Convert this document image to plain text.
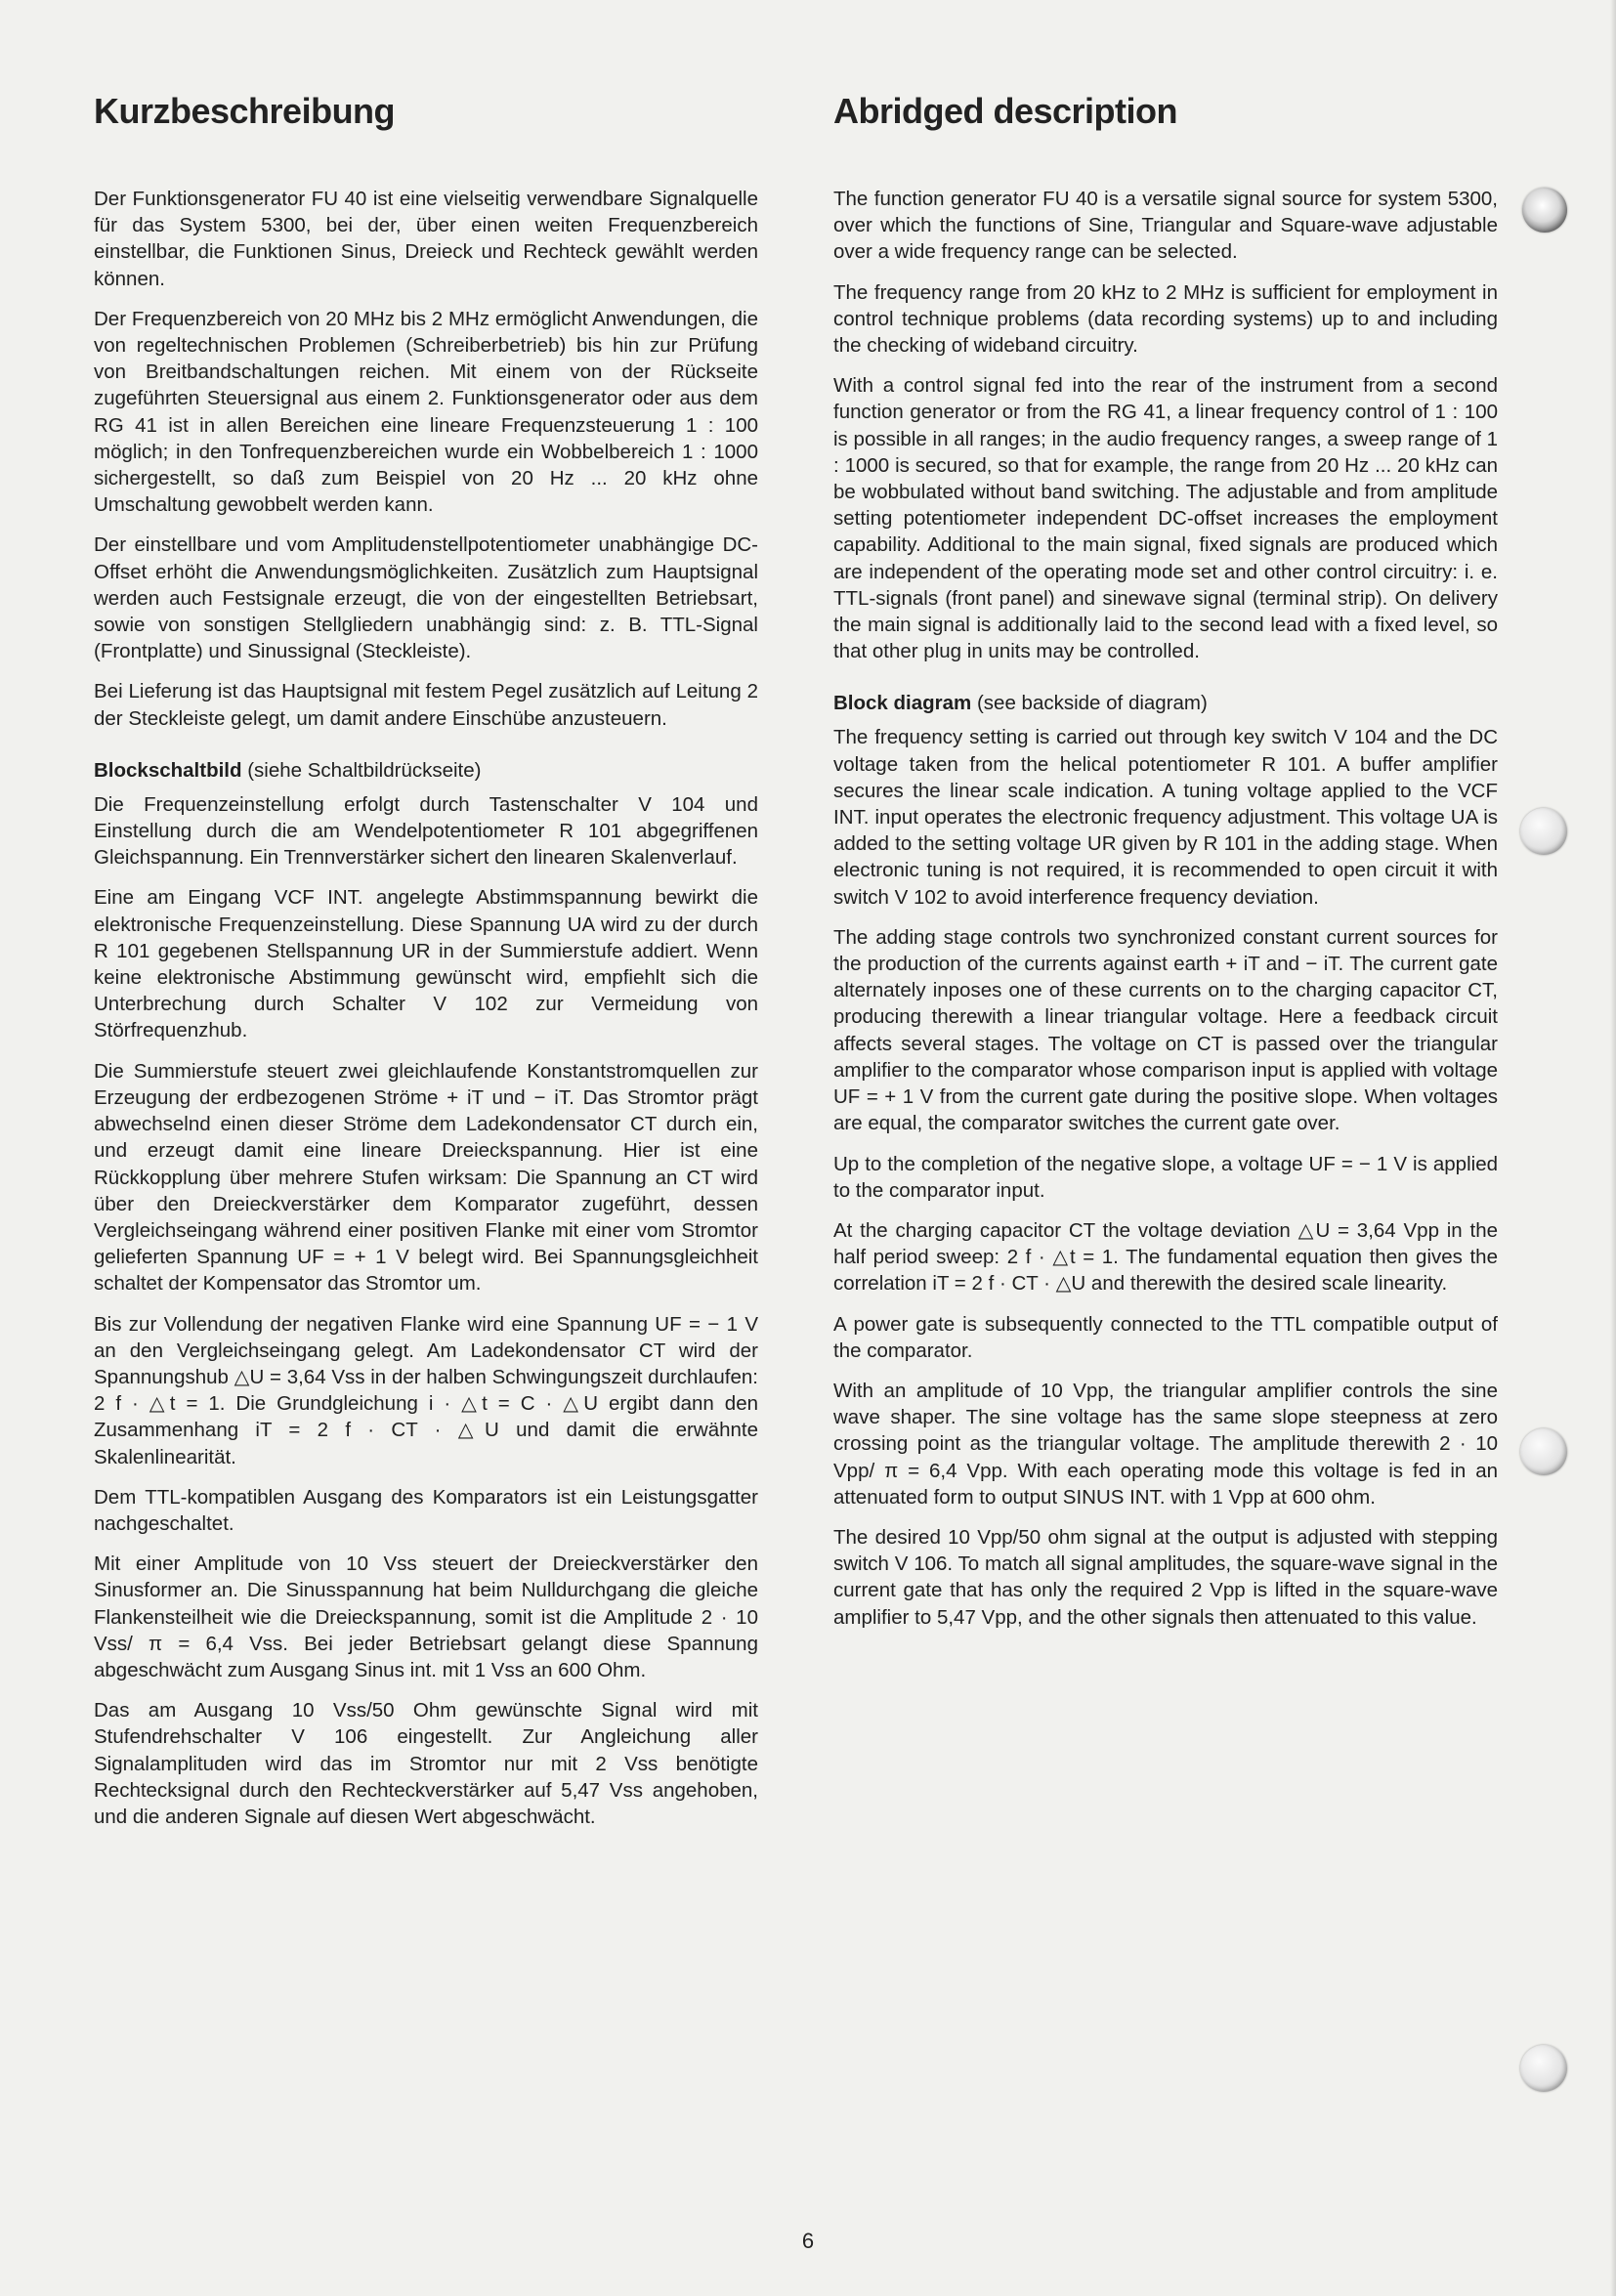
Kurzbeschreibung

Der Funktionsgenerator FU 40 ist eine vielseitig verwendbare Signalquelle für das System 5300, bei der, über einen weiten Frequenzbereich einstellbar, die Funktionen Sinus, Dreieck und Rechteck gewählt werden können.

Der Frequenzbereich von 20 MHz bis 2 MHz ermöglicht Anwendungen, die von regeltechnischen Problemen (Schreiberbetrieb) bis hin zur Prüfung von Breitbandschaltungen reichen. Mit einem von der Rückseite zugeführten Steuersignal aus einem 2. Funktionsgenerator oder aus dem RG 41 ist in allen Bereichen eine lineare Frequenzsteuerung 1 : 100 möglich; in den Tonfrequenzbereichen wurde ein Wobbelbereich 1 : 1000 sichergestellt, so daß zum Beispiel von 20 Hz ... 20 kHz ohne Umschaltung gewobbelt werden kann.

Der einstellbare und vom Amplitudenstellpotentiometer unabhängige DC-Offset erhöht die Anwendungsmöglichkeiten. Zusätzlich zum Hauptsignal werden auch Festsignale erzeugt, die von der eingestellten Betriebsart, sowie von sonstigen Stellgliedern unabhängig sind: z. B. TTL-Signal (Frontplatte) und Sinussignal (Steckleiste).

Bei Lieferung ist das Hauptsignal mit festem Pegel zusätzlich auf Leitung 2 der Steckleiste gelegt, um damit andere Einschübe anzusteuern.

Blockschaltbild (siehe Schaltbildrückseite)

Die Frequenzeinstellung erfolgt durch Tastenschalter V 104 und Einstellung durch die am Wendelpotentiometer R 101 abgegriffenen Gleichspannung. Ein Trennverstärker sichert den linearen Skalenverlauf.

Eine am Eingang VCF INT. angelegte Abstimmspannung bewirkt die elektronische Frequenzeinstellung. Diese Spannung UA wird zu der durch R 101 gegebenen Stellspannung UR in der Summierstufe addiert. Wenn keine elektronische Abstimmung gewünscht wird, empfiehlt sich die Unterbrechung durch Schalter V 102 zur Vermeidung von Störfrequenzhub.

Die Summierstufe steuert zwei gleichlaufende Konstantstromquellen zur Erzeugung der erdbezogenen Ströme + iT und − iT. Das Stromtor prägt abwechselnd einen dieser Ströme dem Ladekondensator CT durch ein, und erzeugt damit eine lineare Dreieckspannung. Hier ist eine Rückkopplung über mehrere Stufen wirksam: Die Spannung an CT wird über den Dreieckverstärker dem Komparator zugeführt, dessen Vergleichseingang während einer positiven Flanke mit einer vom Stromtor gelieferten Spannung UF = + 1 V belegt wird. Bei Spannungsgleichheit schaltet der Kompensator das Stromtor um.

Bis zur Vollendung der negativen Flanke wird eine Spannung UF = − 1 V an den Vergleichseingang gelegt. Am Ladekondensator CT wird der Spannungshub △U = 3,64 Vss in der halben Schwingungszeit durchlaufen: 2 f · △t = 1. Die Grundgleichung i · △t = C · △U ergibt dann den Zusammenhang iT = 2 f · CT · △U und damit die erwähnte Skalenlinearität.

Dem TTL-kompatiblen Ausgang des Komparators ist ein Leistungsgatter nachgeschaltet.

Mit einer Amplitude von 10 Vss steuert der Dreieckverstärker den Sinusformer an. Die Sinusspannung hat beim Nulldurchgang die gleiche Flankensteilheit wie die Dreieckspannung, somit ist die Amplitude 2 · 10 Vss/ π = 6,4 Vss. Bei jeder Betriebsart gelangt diese Spannung abgeschwächt zum Ausgang Sinus int. mit 1 Vss an 600 Ohm.

Das am Ausgang 10 Vss/50 Ohm gewünschte Signal wird mit Stufendrehschalter V 106 eingestellt. Zur Angleichung aller Signalamplituden wird das im Stromtor nur mit 2 Vss benötigte Rechtecksignal durch den Rechteckverstärker auf 5,47 Vss angehoben, und die anderen Signale auf diesen Wert abgeschwächt.

Abridged description

The function generator FU 40 is a versatile signal source for system 5300, over which the functions of Sine, Triangular and Square-wave adjustable over a wide frequency range can be selected.

The frequency range from 20 kHz to 2 MHz is sufficient for employment in control technique problems (data recording systems) up to and including the checking of wideband circuitry.

With a control signal fed into the rear of the instrument from a second function generator or from the RG 41, a linear frequency control of 1 : 100 is possible in all ranges; in the audio frequency ranges, a sweep range of 1 : 1000 is secured, so that for example, the range from 20 Hz ... 20 kHz can be wobbulated without band switching. The adjustable and from amplitude setting potentiometer independent DC-offset increases the employment capability. Additional to the main signal, fixed signals are produced which are independent of the operating mode set and other control circuitry: i. e. TTL-signals (front panel) and sinewave signal (terminal strip). On delivery the main signal is additionally laid to the second lead with a fixed level, so that other plug in units may be controlled.

Block diagram (see backside of diagram)

The frequency setting is carried out through key switch V 104 and the DC voltage taken from the helical potentiometer R 101. A buffer amplifier secures the linear scale indication. A tuning voltage applied to the VCF INT. input operates the electronic frequency adjustment. This voltage UA is added to the setting voltage UR given by R 101 in the adding stage. When electronic tuning is not required, it is recommended to open circuit it with switch V 102 to avoid interference frequency deviation.

The adding stage controls two synchronized constant current sources for the production of the currents against earth + iT and − iT. The current gate alternately inposes one of these currents on to the charging capacitor CT, producing therewith a linear triangular voltage. Here a feedback circuit affects several stages. The voltage on CT is passed over the triangular amplifier to the comparator whose comparison input is applied with voltage UF = + 1 V from the current gate during the positive slope. When voltages are equal, the comparator switches the current gate over.

Up to the completion of the negative slope, a voltage UF = − 1 V is applied to the comparator input.

At the charging capacitor CT the voltage deviation △U = 3,64 Vpp in the half period sweep: 2 f · △t = 1. The fundamental equation then gives the correlation iT = 2 f · CT · △U and therewith the desired scale linearity.

A power gate is subsequently connected to the TTL compatible output of the comparator.

With an amplitude of 10 Vpp, the triangular amplifier controls the sine wave shaper. The sine voltage has the same slope steepness at zero crossing point as the triangular voltage. The amplitude therewith 2 · 10 Vpp/ π = 6,4 Vpp. With each operating mode this voltage is fed in an attenuated form to output SINUS INT. with 1 Vpp at 600 ohm.

The desired 10 Vpp/50 ohm signal at the output is adjusted with stepping switch V 106. To match all signal amplitudes, the square-wave signal in the current gate that has only the required 2 Vpp is lifted in the square-wave amplifier to 5,47 Vpp, and the other signals then attenuated to this value.

6
